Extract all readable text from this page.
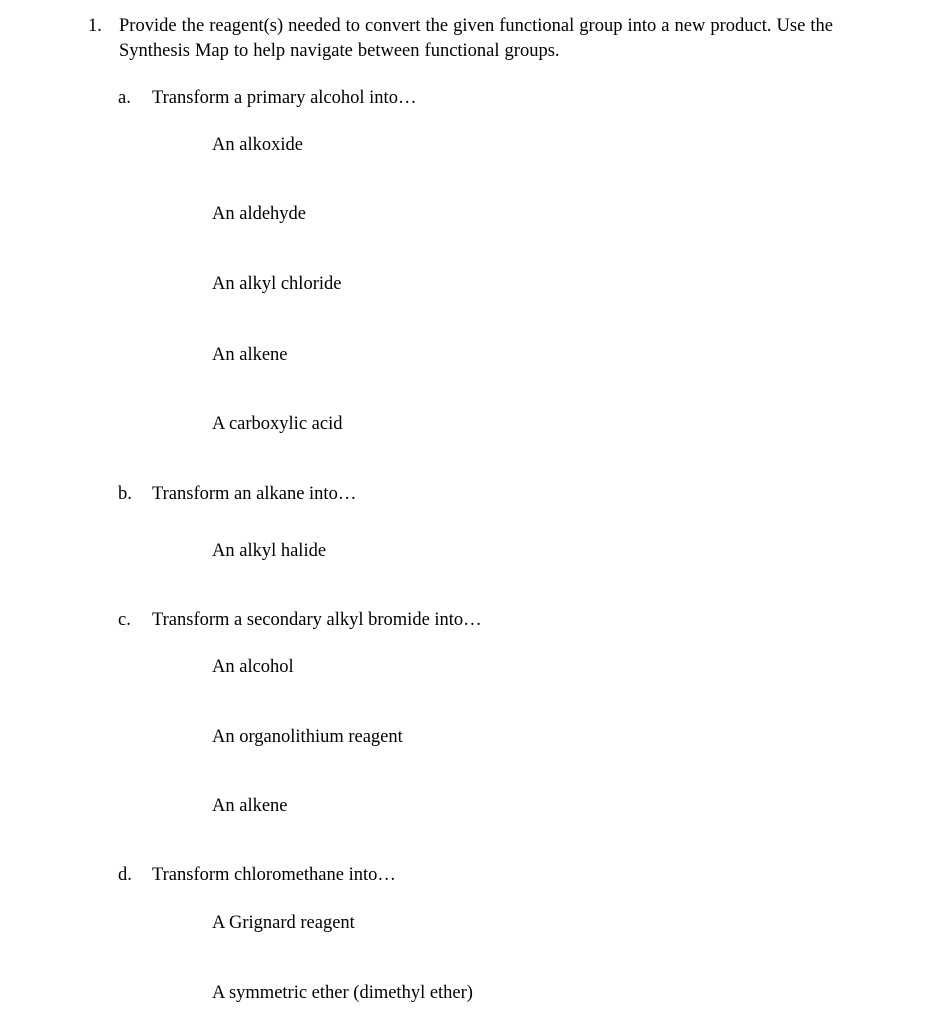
1. Provide the reagent(s) needed to convert the given functional group into a new product. Use the Synthesis Map to help navigate between functional groups.
a.	Transform a primary alcohol into…
An alkoxide
An aldehyde
An alkyl chloride
An alkene
A carboxylic acid
b.	Transform an alkane into…
An alkyl halide
c.	Transform a secondary alkyl bromide into…
An alcohol
An organolithium reagent
An alkene
d.	Transform chloromethane into…
A Grignard reagent
A symmetric ether (dimethyl ether)
